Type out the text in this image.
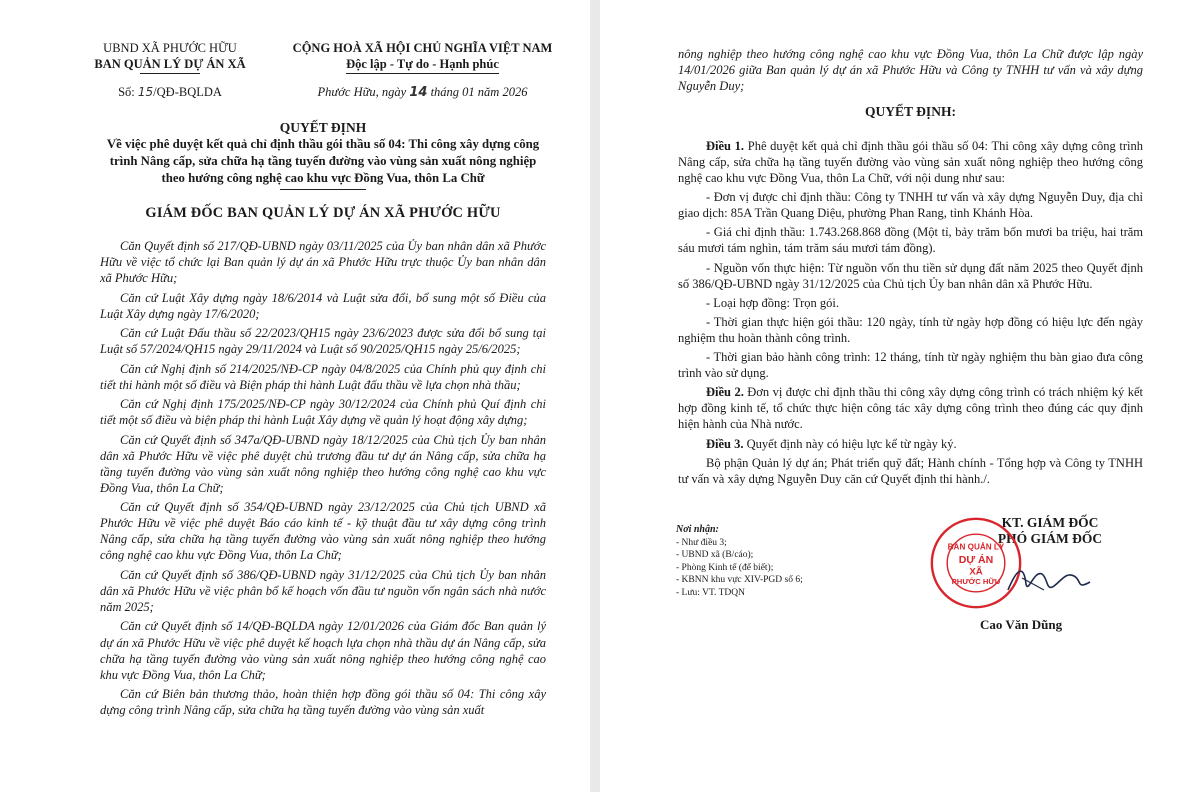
UBND XÃ PHƯỚC HỮU
BAN QUẢN LÝ DỰ ÁN XÃ
Số: 15/QĐ-BQLDA
CỘNG HOÀ XÃ HỘI CHỦ NGHĨA VIỆT NAM
Độc lập - Tự do - Hạnh phúc
Phước Hữu, ngày 14 tháng 01 năm 2026
QUYẾT ĐỊNH
Về việc phê duyệt kết quả chỉ định thầu gói thầu số 04: Thi công xây dựng công trình Nâng cấp, sửa chữa hạ tầng tuyến đường vào vùng sản xuất nông nghiệp theo hướng công nghệ cao khu vực Đồng Vua, thôn La Chữ
GIÁM ĐỐC BAN QUẢN LÝ DỰ ÁN XÃ PHƯỚC HỮU

Căn Quyết định số 217/QĐ-UBND ngày 03/11/2025 của Ủy ban nhân dân xã Phước Hữu về việc tổ chức lại Ban quản lý dự án xã Phước Hữu trực thuộc Ủy ban nhân dân xã Phước Hữu;

Căn cứ Luật Xây dựng ngày 18/6/2014 và Luật sửa đổi, bổ sung một số Điều của Luật Xây dựng ngày 17/6/2020;

Căn cứ Luật Đấu thầu số 22/2023/QH15 ngày 23/6/2023 được sửa đổi bổ sung tại Luật số 57/2024/QH15 ngày 29/11/2024 và Luật số 90/2025/QH15 ngày 25/6/2025;

Căn cứ Nghị định số 214/2025/NĐ-CP ngày 04/8/2025 của Chính phủ quy định chi tiết thi hành một số điều và Biện pháp thi hành Luật đấu thầu về lựa chọn nhà thầu;

Căn cứ Nghị định 175/2025/NĐ-CP ngày 30/12/2024 của Chính phủ Quí định chi tiết một số điều và biện pháp thi hành Luật Xây dựng về quản lý hoạt động xây dựng;

Căn cứ Quyết định số 347a/QĐ-UBND ngày 18/12/2025 của Chủ tịch Ủy ban nhân dân xã Phước Hữu về việc phê duyệt chủ trương đầu tư dự án Nâng cấp, sửa chữa hạ tầng tuyến đường vào vùng sản xuất nông nghiệp theo hướng công nghệ cao khu vực Đồng Vua, thôn La Chữ;

Căn cứ Quyết định số 354/QĐ-UBND ngày 23/12/2025 của Chủ tịch UBND xã Phước Hữu về việc phê duyệt Báo cáo kinh tế - kỹ thuật đầu tư xây dựng công trình Nâng cấp, sửa chữa hạ tầng tuyến đường vào vùng sản xuất nông nghiệp theo hướng công nghệ cao khu vực Đồng Vua, thôn La Chữ;

Căn cứ Quyết định số 386/QĐ-UBND ngày 31/12/2025 của Chủ tịch Ủy ban nhân dân xã Phước Hữu về việc phân bổ kế hoạch vốn đầu tư nguồn vốn ngân sách nhà nước năm 2025;

Căn cứ Quyết định số 14/QĐ-BQLDA ngày 12/01/2026 của Giám đốc Ban quản lý dự án xã Phước Hữu về việc phê duyệt kế hoạch lựa chọn nhà thầu dự án Nâng cấp, sửa chữa hạ tầng tuyến đường vào vùng sản xuất nông nghiệp theo hướng công nghệ cao khu vực Đồng Vua, thôn La Chữ;

Căn cứ Biên bản thương thảo, hoàn thiện hợp đồng gói thầu số 04: Thi công xây dựng công trình Nâng cấp, sửa chữa hạ tầng tuyến đường vào vùng sản xuất

nông nghiệp theo hướng công nghệ cao khu vực Đồng Vua, thôn La Chữ được lập ngày 14/01/2026 giữa Ban quản lý dự án xã Phước Hữu và Công ty TNHH tư vấn và xây dựng Nguyễn Duy;
QUYẾT ĐỊNH:

Điều 1. Phê duyệt kết quả chỉ định thầu gói thầu số 04: Thi công xây dựng công trình Nâng cấp, sửa chữa hạ tầng tuyến đường vào vùng sản xuất nông nghiệp theo hướng công nghệ cao khu vực Đồng Vua, thôn La Chữ, với nội dung như sau:

- Đơn vị được chỉ định thầu: Công ty TNHH tư vấn và xây dựng Nguyễn Duy, địa chỉ giao dịch: 85A Trần Quang Diệu, phường Phan Rang, tỉnh Khánh Hòa.

- Giá chỉ định thầu: 1.743.268.868 đồng (Một tỉ, bảy trăm bốn mươi ba triệu, hai trăm sáu mươi tám nghìn, tám trăm sáu mươi tám đồng).

- Nguồn vốn thực hiện: Từ nguồn vốn thu tiền sử dụng đất năm 2025 theo Quyết định số 386/QĐ-UBND ngày 31/12/2025 của Chủ tịch Ủy ban nhân dân xã Phước Hữu.

- Loại hợp đồng: Trọn gói.

- Thời gian thực hiện gói thầu: 120 ngày, tính từ ngày hợp đồng có hiệu lực đến ngày nghiệm thu hoàn thành công trình.

- Thời gian bảo hành công trình: 12 tháng, tính từ ngày nghiệm thu bàn giao đưa công trình vào sử dụng.

Điều 2. Đơn vị được chỉ định thầu thi công xây dựng công trình có trách nhiệm ký kết hợp đồng kinh tế, tổ chức thực hiện công tác xây dựng công trình theo đúng các quy định hiện hành của Nhà nước.

Điều 3. Quyết định này có hiệu lực kể từ ngày ký.

Bộ phận Quản lý dự án; Phát triển quỹ đất; Hành chính - Tổng hợp và Công ty TNHH tư vấn và xây dựng Nguyễn Duy căn cứ Quyết định thi hành./.

Nơi nhận:
- Như điều 3;
- UBND xã (B/cáo);
- Phòng Kinh tế (để biết);
- KBNN khu vực XIV-PGD số 6;
- Lưu: VT. TDQN
KT. GIÁM ĐỐC
PHÓ GIÁM ĐỐC
BAN QUẢN LÝ
DỰ ÁN
XÃ
PHƯỚC HỮU
Cao Văn Dũng
